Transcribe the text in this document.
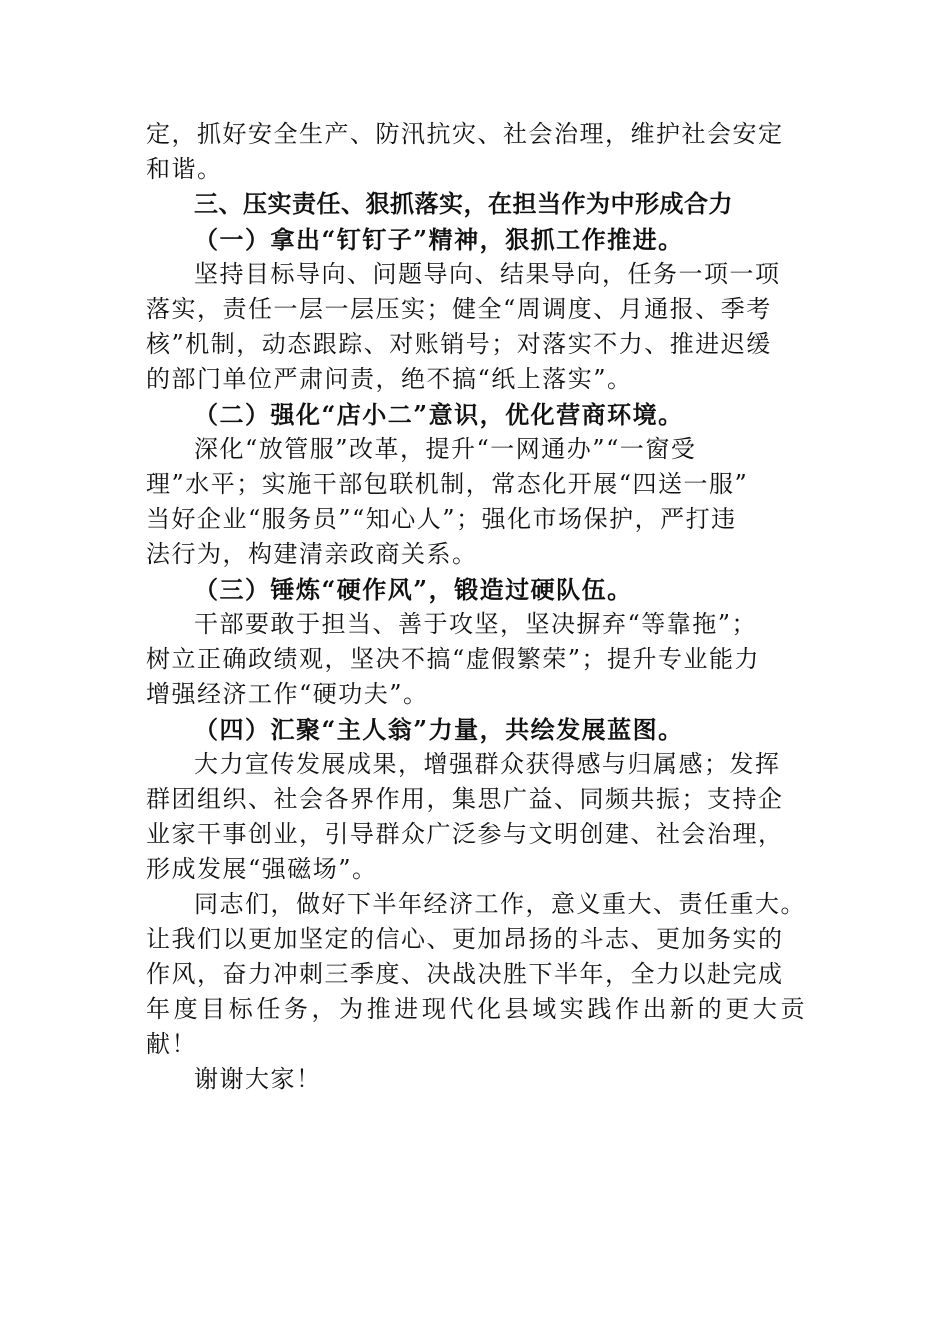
定，抓好安全生产、防汛抗灾、社会治理，维护社会安定
和谐。

三、压实责任、狠抓落实，在担当作为中形成合力

（一）拿出“钉钉子”精神，狠抓工作推进。

坚持目标导向、问题导向、结果导向，任务一项一项
落实，责任一层一层压实；健全“周调度、月通报、季考
核”机制，动态跟踪、对账销号；对落实不力、推进迟缓
的部门单位严肃问责，绝不搞“纸上落实”。

（二）强化“店小二”意识，优化营商环境。

深化“放管服”改革，提升“一网通办”“一窗受
理”水平；实施干部包联机制，常态化开展“四送一服”
当好企业“服务员”“知心人”；强化市场保护，严打违
法行为，构建清亲政商关系。

（三）锤炼“硬作风”，锻造过硬队伍。

干部要敢于担当、善于攻坚，坚决摒弃“等靠拖”；
树立正确政绩观，坚决不搞“虚假繁荣”；提升专业能力
增强经济工作“硬功夫”。

（四）汇聚“主人翁”力量，共绘发展蓝图。

大力宣传发展成果，增强群众获得感与归属感；发挥
群团组织、社会各界作用，集思广益、同频共振；支持企
业家干事创业，引导群众广泛参与文明创建、社会治理，
形成发展“强磁场”。

同志们，做好下半年经济工作，意义重大、责任重大。
让我们以更加坚定的信心、更加昂扬的斗志、更加务实的
作风，奋力冲刺三季度、决战决胜下半年，全力以赴完成
年度目标任务，为推进现代化县域实践作出新的更大贡献！

谢谢大家！
